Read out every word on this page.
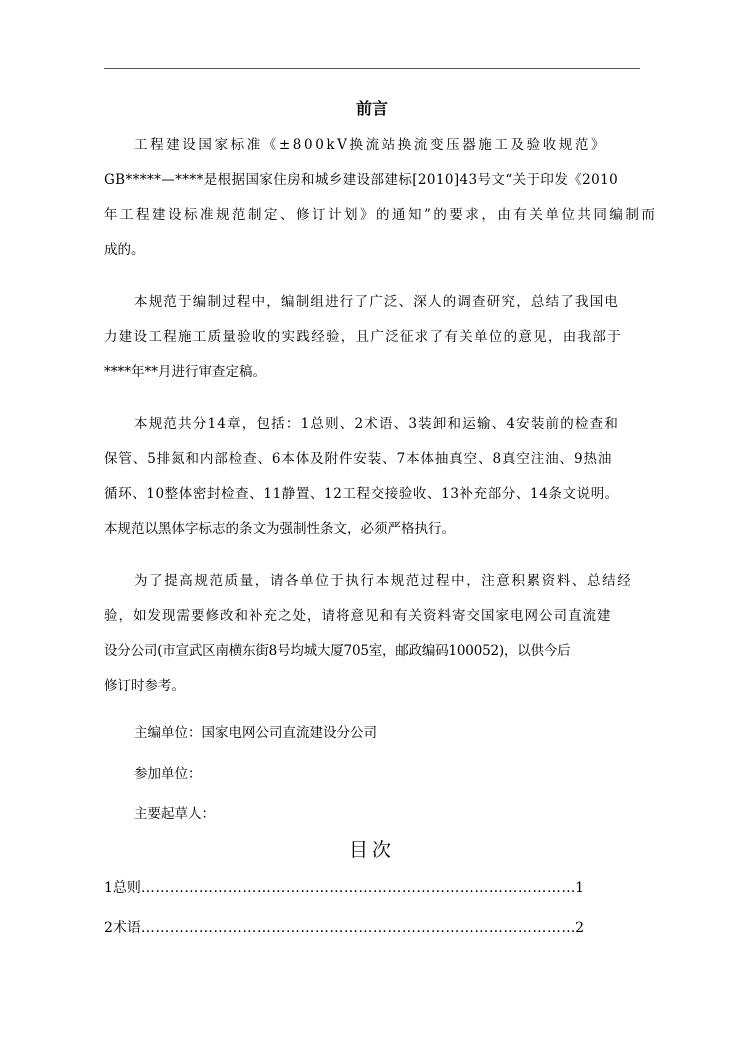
前言
工程建设国家标准《±800kV换流站换流变压器施工及验收规范》
GB*****—****是根据国家住房和城乡建设部建标[2010]43号文“关于印发《2010
年工程建设标准规范制定、修订计划》的通知”的要求，由有关单位共同编制而
成的。
本规范于编制过程中，编制组进行了广泛、深人的调查研究，总结了我国电
力建设工程施工质量验收的实践经验，且广泛征求了有关单位的意见，由我部于
****年**月进行审查定稿。
本规范共分14章，包括：1总则、2术语、3装卸和运输、4安装前的检查和
保管、5排氮和内部检查、6本体及附件安装、7本体抽真空、8真空注油、9热油
循环、10整体密封检查、11静置、12工程交接验收、13补充部分、14条文说明。
本规范以黑体字标志的条文为强制性条文，必须严格执行。
为了提高规范质量，请各单位于执行本规范过程中，注意积累资料、总结经
验，如发现需要修改和补充之处，请将意见和有关资料寄交国家电网公司直流建
设分公司(市宣武区南横东街8号均城大厦705室，邮政编码100052)，以供今后
修订时参考。
主编单位：国家电网公司直流建设分公司
参加单位：
主要起草人：
目次
1总则 ……………………………………………………………………………………………………………………	1
2术语 ……………………………………………………………………………………………………………………	2
